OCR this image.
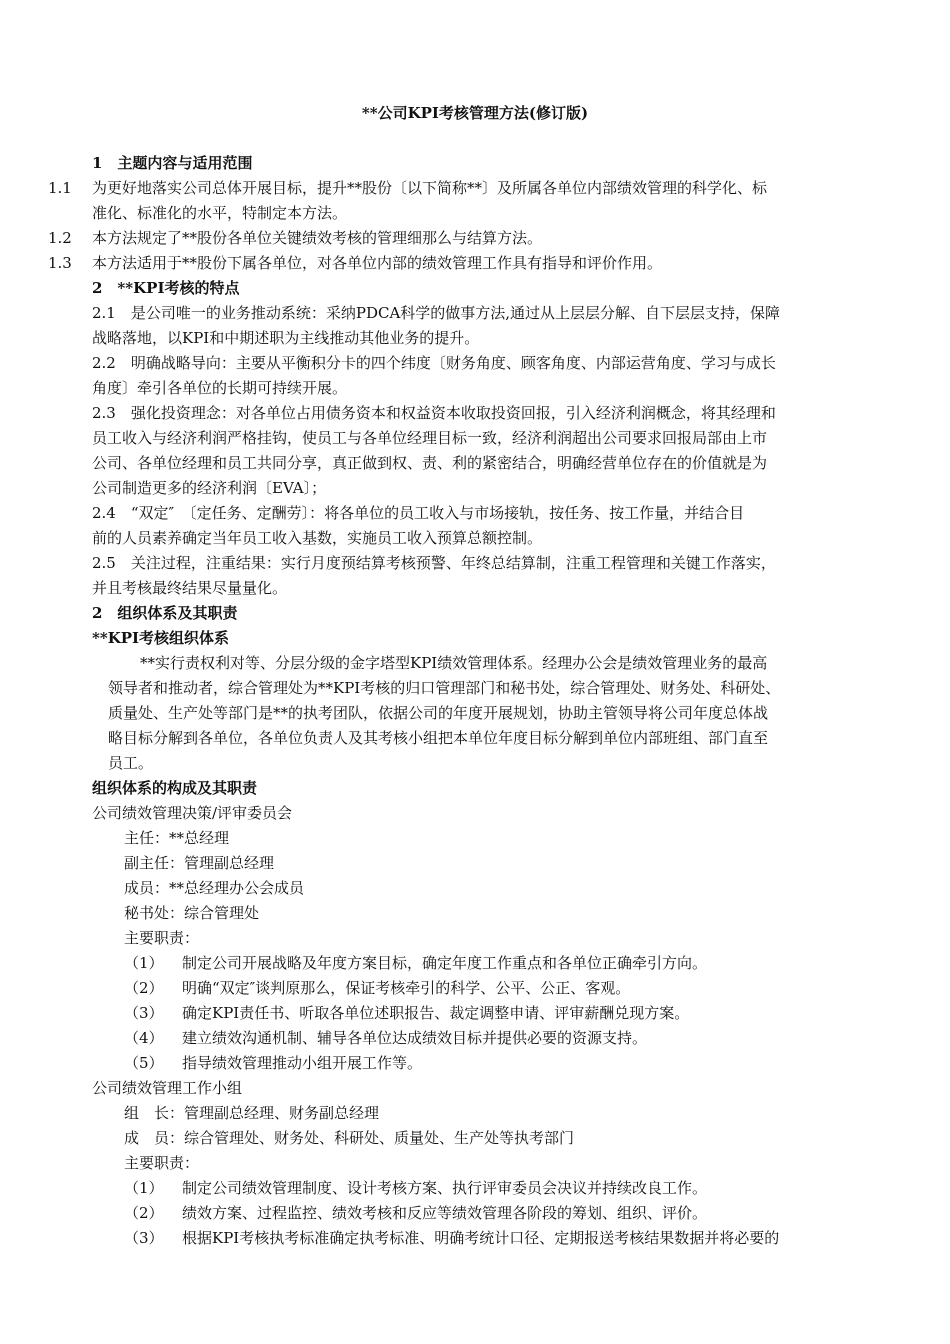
**公司KPI考核管理方法(修订版)
1　主题内容与适用范围
1.1 为更好地落实公司总体开展目标，提升**股份〔以下简称**〕及所属各单位内部绩效管理的科学化、标
准化、标准化的水平，特制定本方法。
1.2 本方法规定了**股份各单位关键绩效考核的管理细那么与结算方法。
1.3 本方法适用于**股份下属各单位，对各单位内部的绩效管理工作具有指导和评价作用。
2　**KPI考核的特点
2.1　是公司唯一的业务推动系统：采纳PDCA科学的做事方法,通过从上层层分解、自下层层支持，保障
战略落地，以KPI和中期述职为主线推动其他业务的提升。
2.2　明确战略导向：主要从平衡积分卡的四个纬度〔财务角度、顾客角度、内部运营角度、学习与成长
角度〕牵引各单位的长期可持续开展。
2.3　强化投资理念：对各单位占用债务资本和权益资本收取投资回报，引入经济利润概念，将其经理和
员工收入与经济利润严格挂钩，使员工与各单位经理目标一致，经济利润超出公司要求回报局部由上市
公司、各单位经理和员工共同分享，真正做到权、责、利的紧密结合，明确经营单位存在的价值就是为
公司制造更多的经济利润〔EVA〕；
2.4　“双定″　〔定任务、定酬劳〕：将各单位的员工收入与市场接轨，按任务、按工作量，并结合目
前的人员素养确定当年员工收入基数，实施员工收入预算总额控制。
2.5　关注过程，注重结果：实行月度预结算考核预警、年终总结算制，注重工程管理和关键工作落实，
并且考核最终结果尽量量化。
2　组织体系及其职责
**KPI考核组织体系
**实行责权利对等、分层分级的金字塔型KPI绩效管理体系。经理办公会是绩效管理业务的最高
领导者和推动者，综合管理处为**KPI考核的归口管理部门和秘书处，综合管理处、财务处、科研处、
质量处、生产处等部门是**的执考团队，依据公司的年度开展规划，协助主管领导将公司年度总体战
略目标分解到各单位，各单位负责人及其考核小组把本单位年度目标分解到单位内部班组、部门直至
员工。
组织体系的构成及其职责
公司绩效管理决策/评审委员会
主任：**总经理
副主任：管理副总经理
成员：**总经理办公会成员
秘书处：综合管理处
主要职责：
（1） 制定公司开展战略及年度方案目标，确定年度工作重点和各单位正确牵引方向。
（2） 明确“双定″谈判原那么，保证考核牵引的科学、公平、公正、客观。
（3） 确定KPI责任书、听取各单位述职报告、裁定调整申请、评审薪酬兑现方案。
（4） 建立绩效沟通机制、辅导各单位达成绩效目标并提供必要的资源支持。
（5） 指导绩效管理推动小组开展工作等。
公司绩效管理工作小组
组　长：管理副总经理、财务副总经理
成　员：综合管理处、财务处、科研处、质量处、生产处等执考部门
主要职责：
（1） 制定公司绩效管理制度、设计考核方案、执行评审委员会决议并持续改良工作。
（2） 绩效方案、过程监控、绩效考核和反应等绩效管理各阶段的筹划、组织、评价。
（3） 根据KPI考核执考标准确定执考标准、明确考统计口径、定期报送考核结果数据并将必要的
